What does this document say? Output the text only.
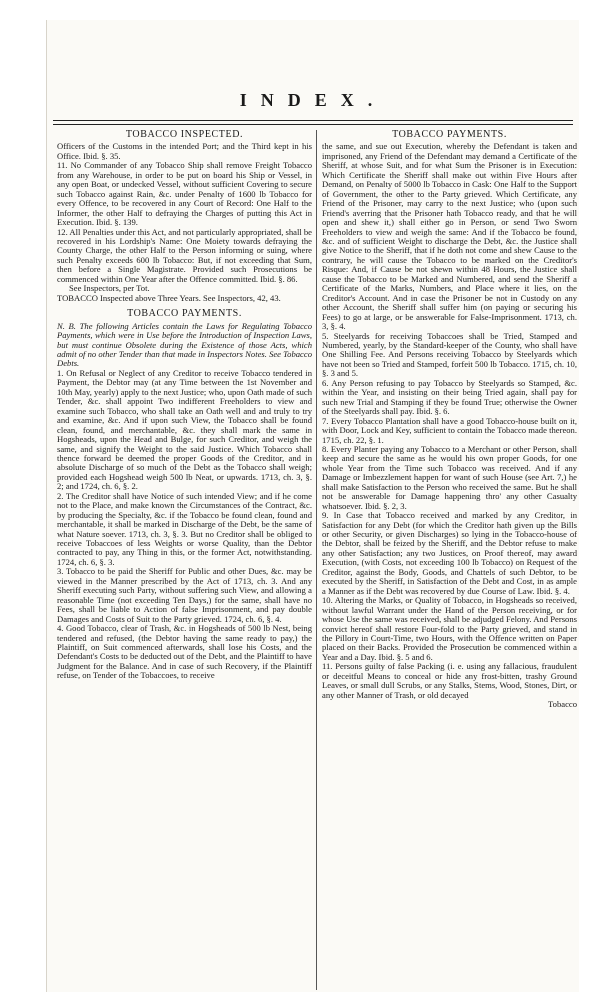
INDEX.
TOBACCO INSPECTED.

Officers of the Customs in the intended Port; and the Third kept in his Office. Ibid. §. 35.

11. No Commander of any Tobacco Ship shall remove Freight Tobacco from any Warehouse, in order to be put on board his Ship or Vessel, in any open Boat, or undecked Vessel, without sufficient Covering to secure such Tobacco against Rain, &c. under Penalty of 1600 lb Tobacco for every Offence, to be recovered in any Court of Record: One Half to the Informer, the other Half to defraying the Charges of putting this Act in Execution. Ibid. §. 139.

12. All Penalties under this Act, and not particularly appropriated, shall be recovered in his Lordship's Name: One Moiety towards defraying the County Charge, the other Half to the Person informing or suing, where such Penalty exceeds 600 lb Tobacco: But, if not exceeding that Sum, then before a Single Magistrate. Provided such Prosecutions be commenced within One Year after the Offence committed. Ibid. §. 86.

See Inspectors, per Tot.

TOBACCO Inspected above Three Years. See Inspectors, 42, 43.

TOBACCO PAYMENTS.

N. B. The following Articles contain the Laws for Regulating Tobacco Payments, which were in Use before the Introduction of Inspection Laws, but must continue Obsolete during the Existence of those Acts, which admit of no other Tender than that made in Inspectors Notes. See Tobacco Debts.

1. On Refusal or Neglect of any Creditor to receive Tobacco tendered in Payment, the Debtor may (at any Time between the 1st November and 10th May, yearly) apply to the next Justice; who, upon Oath made of such Tender, &c. shall appoint Two indifferent Freeholders to view and examine such Tobacco, who shall take an Oath well and and truly to try and examine, &c. And if upon such View, the Tobacco shall be found clean, found, and merchantable, &c. they shall mark the same in Hogsheads, upon the Head and Bulge, for such Creditor, and weigh the same, and signify the Weight to the said Justice. Which Tobacco shall thence forward be deemed the proper Goods of the Creditor, and in absolute Discharge of so much of the Debt as the Tobacco shall weigh; provided each Hogshead weigh 500 lb Neat, or upwards. 1713, ch. 3, §. 2; and 1724, ch. 6, §. 2.

2. The Creditor shall have Notice of such intended View; and if he come not to the Place, and make known the Circumstances of the Contract, &c. by producing the Specialty, &c. if the Tobacco be found clean, found and merchantable, it shall be marked in Discharge of the Debt, be the same of what Nature soever. 1713, ch. 3, §. 3. But no Creditor shall be obliged to receive Tobaccoes of less Weights or worse Quality, than the Debtor contracted to pay, any Thing in this, or the former Act, notwithstanding. 1724, ch. 6, §. 3.

3. Tobacco to be paid the Sheriff for Public and other Dues, &c. may be viewed in the Manner prescribed by the Act of 1713, ch. 3. And any Sheriff executing such Party, without suffering such View, and allowing a reasonable Time (not exceeding Ten Days,) for the same, shall have no Fees, shall be liable to Action of false Imprisonment, and pay double Damages and Costs of Suit to the Party grieved. 1724, ch. 6, §. 4.

4. Good Tobacco, clear of Trash, &c. in Hogsheads of 500 lb Nest, being tendered and refused, (the Debtor having the same ready to pay,) the Plaintiff, on Suit commenced afterwards, shall lose his Costs, and the Defendant's Costs to be deducted out of the Debt, and the Plaintiff to have Judgment for the Balance. And in case of such Recovery, if the Plaintiff refuse, on Tender of the Tobaccoes, to receive

TOBACCO PAYMENTS.

the same, and sue out Execution, whereby the Defendant is taken and imprisoned, any Friend of the Defendant may demand a Certificate of the Sheriff, at whose Suit, and for what Sum the Prisoner is in Execution: Which Certificate the Sheriff shall make out within Five Hours after Demand, on Penalty of 5000 lb Tobacco in Cask: One Half to the Support of Government, the other to the Party grieved. Which Certificate, any Friend of the Prisoner, may carry to the next Justice; who (upon such Friend's averring that the Prisoner hath Tobacco ready, and that he will open and shew it,) shall either go in Person, or send Two Sworn Freeholders to view and weigh the same: And if the Tobacco be found, &c. and of sufficient Weight to discharge the Debt, &c. the Justice shall give Notice to the Sheriff, that if he doth not come and shew Cause to the contrary, he will cause the Tobacco to be marked on the Creditor's Risque: And, if Cause be not shewn within 48 Hours, the Justice shall cause the Tobacco to be Marked and Numbered, and send the Sheriff a Certificate of the Marks, Numbers, and Place where it lies, on the Creditor's Account. And in case the Prisoner be not in Custody on any other Account, the Sheriff shall suffer him (on paying or securing his Fees) to go at large, or be answerable for False-Imprisonment. 1713, ch. 3, §. 4.

5. Steelyards for receiving Tobaccoes shall be Tried, Stamped and Numbered, yearly, by the Standard-keeper of the County, who shall have One Shilling Fee. And Persons receiving Tobacco by Steelyards which have not been so Tried and Stamped, forfeit 500 lb Tobacco. 1715, ch. 10, §. 3 and 5.

6. Any Person refusing to pay Tobacco by Steelyards so Stamped, &c. within the Year, and insisting on their being Tried again, shall pay for such new Trial and Stamping if they be found True; otherwise the Owner of the Steelyards shall pay. Ibid. §. 6.

7. Every Tobacco Plantation shall have a good Tobacco-house built on it, with Door, Lock and Key, sufficient to contain the Tobacco made thereon. 1715, ch. 22, §. 1.

8. Every Planter paying any Tobacco to a Merchant or other Person, shall keep and secure the same as he would his own proper Goods, for one whole Year from the Time such Tobacco was received. And if any Damage or Imbezzlement happen for want of such House (see Art. 7,) he shall make Satisfaction to the Person who received the same. But he shall not be answerable for Damage happening thro' any other Casualty whatsoever. Ibid. §. 2, 3.

9. In Case that Tobacco received and marked by any Creditor, in Satisfaction for any Debt (for which the Creditor hath given up the Bills or other Security, or given Discharges) so lying in the Tobacco-house of the Debtor, shall be feized by the Sheriff, and the Debtor refuse to make any other Satisfaction; any two Justices, on Proof thereof, may award Execution, (with Costs, not exceeding 100 lb Tobacco) on Request of the Creditor, against the Body, Goods, and Chattels of such Debtor, to be executed by the Sheriff, in Satisfaction of the Debt and Cost, in as ample a Manner as if the Debt was recovered by due Course of Law. Ibid. §. 4.

10. Altering the Marks, or Quality of Tobacco, in Hogsheads so received, without lawful Warrant under the Hand of the Person receiving, or for whose Use the same was received, shall be adjudged Felony. And Persons convict hereof shall restore Four-fold to the Party grieved, and stand in the Pillory in Court-Time, two Hours, with the Offence written on Paper placed on their Backs. Provided the Prosecution be commenced within a Year and a Day. Ibid. §. 5 and 6.

11. Persons guilty of false Packing (i. e. using any fallacious, fraudulent or deceitful Means to conceal or hide any frost-bitten, trashy Ground Leaves, or small dull Scrubs, or any Stalks, Stems, Wood, Stones, Dirt, or any other Manner of Trash, or old decayed

Tobacco
